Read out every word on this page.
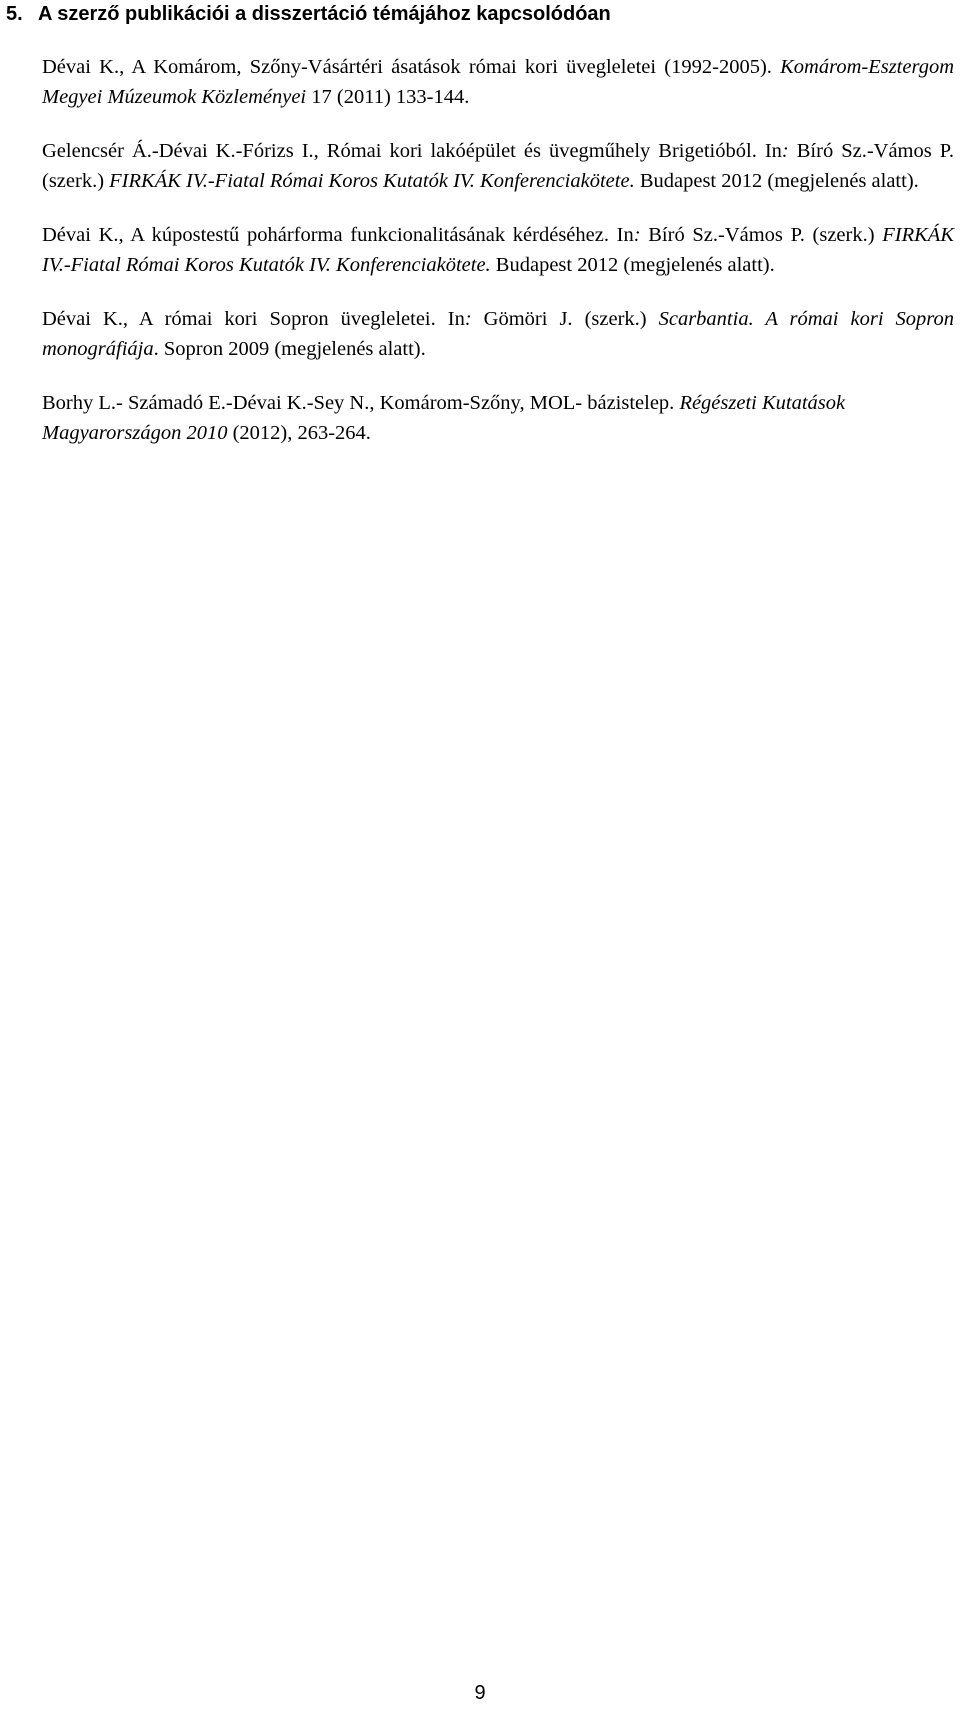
5. A szerző publikációi a disszertáció témájához kapcsolódóan

Dévai K., A Komárom, Szőny-Vásártéri ásatások római kori üvegleletei (1992-2005). Komárom-Esztergom Megyei Múzeumok Közleményei 17 (2011) 133-144.

Gelencsér Á.-Dévai K.-Fórizs I., Római kori lakóépület és üvegműhely Brigetióból. In: Bíró Sz.-Vámos P. (szerk.) FIRKÁK IV.-Fiatal Római Koros Kutatók IV. Konferenciakötete. Budapest 2012 (megjelenés alatt).

Dévai K., A kúpostestű pohárforma funkcionalitásának kérdéséhez. In: Bíró Sz.-Vámos P. (szerk.) FIRKÁK IV.-Fiatal Római Koros Kutatók IV. Konferenciakötete. Budapest 2012 (megjelenés alatt).

Dévai K., A római kori Sopron üvegleletei. In: Gömöri J. (szerk.) Scarbantia. A római kori Sopron monográfiája. Sopron 2009 (megjelenés alatt).

Borhy L.- Számadó E.-Dévai K.-Sey N., Komárom-Szőny, MOL- bázistelep. Régészeti Kutatások Magyarországon 2010 (2012), 263-264.

9
